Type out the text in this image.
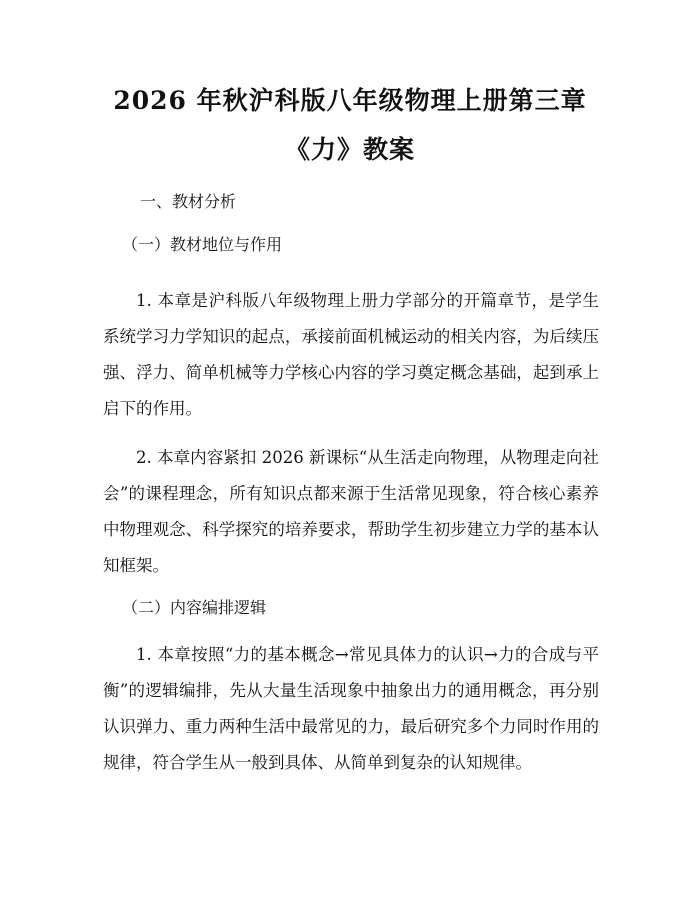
2026 年秋沪科版八年级物理上册第三章
《力》教案

一、教材分析

（一）教材地位与作用

1. 本章是沪科版八年级物理上册力学部分的开篇章节，是学生系统学习力学知识的起点，承接前面机械运动的相关内容，为后续压强、浮力、简单机械等力学核心内容的学习奠定概念基础，起到承上启下的作用。

2. 本章内容紧扣 2026 新课标“从生活走向物理，从物理走向社会”的课程理念，所有知识点都来源于生活常见现象，符合核心素养中物理观念、科学探究的培养要求，帮助学生初步建立力学的基本认知框架。

（二）内容编排逻辑

1. 本章按照“力的基本概念→常见具体力的认识→力的合成与平衡”的逻辑编排，先从大量生活现象中抽象出力的通用概念，再分别认识弹力、重力两种生活中最常见的力，最后研究多个力同时作用的规律，符合学生从一般到具体、从简单到复杂的认知规律。
